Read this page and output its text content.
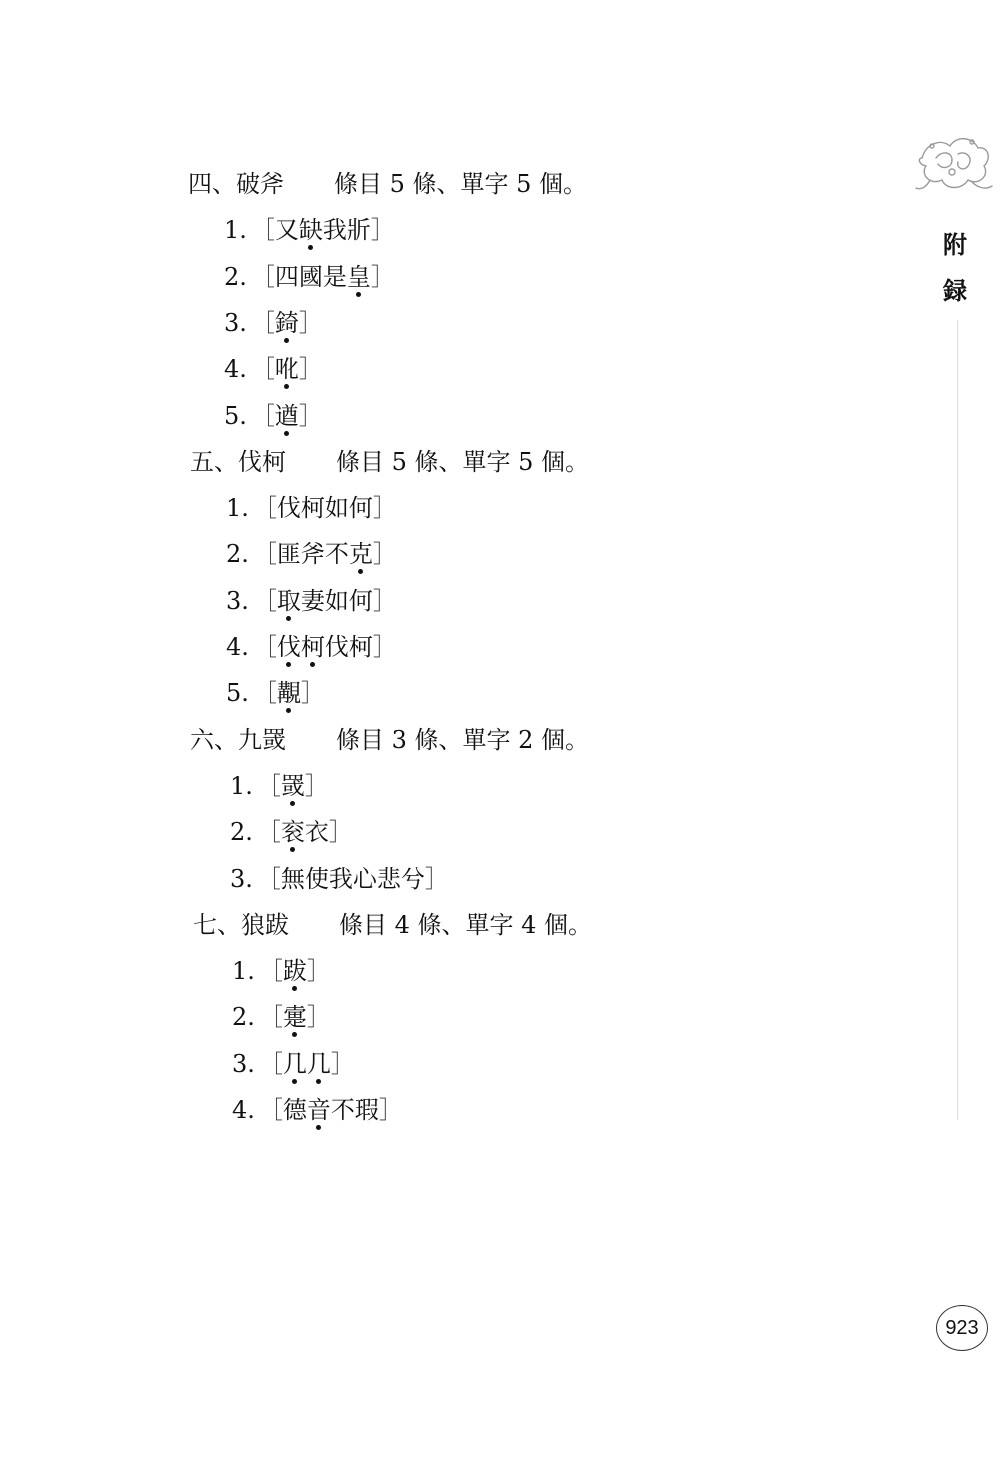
附
録
四、破斧 條目 5 條、單字 5 個。
1. ［又缺我斨］
2. ［四國是皇］
3. ［錡］
4. ［吪］
5. ［遒］
五、伐柯 條目 5 條、單字 5 個。
1. ［伐柯如何］
2. ［匪斧不克］
3. ［取妻如何］
4. ［伐柯伐柯］
5. ［覯］
六、九罭 條目 3 條、單字 2 個。
1. ［罭］
2. ［衮衣］
3. ［無使我心悲兮］
七、狼跋 條目 4 條、單字 4 個。
1. ［跋］
2. ［疐］
3. ［几几］
4. ［德音不瑕］
923
